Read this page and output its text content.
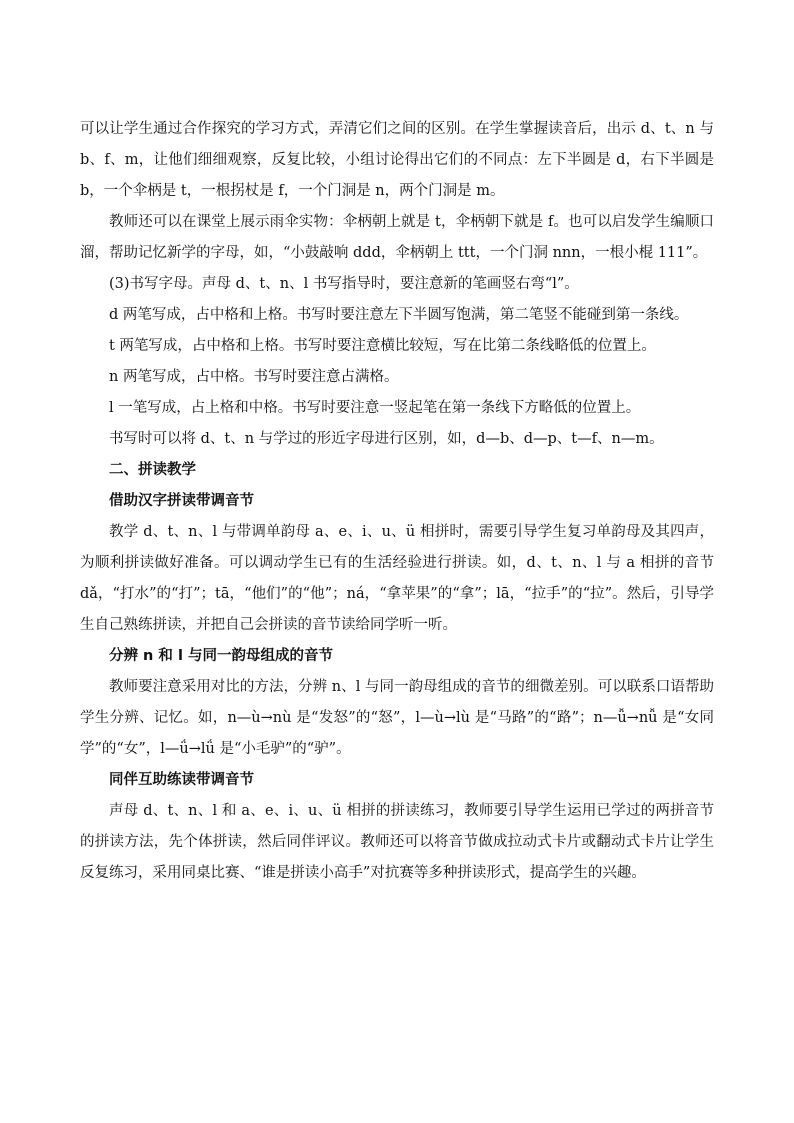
可以让学生通过合作探究的学习方式，弄清它们之间的区别。在学生掌握读音后，出示 d、t、n 与 b、f、m，让他们细细观察，反复比较，小组讨论得出它们的不同点：左下半圆是 d，右下半圆是 b，一个伞柄是 t，一根拐杖是 f，一个门洞是 n，两个门洞是 m。

教师还可以在课堂上展示雨伞实物：伞柄朝上就是 t，伞柄朝下就是 f。也可以启发学生编顺口溜，帮助记忆新学的字母，如，“小鼓敲响 ddd，伞柄朝上 ttt，一个门洞 nnn，一根小棍 111”。

(3)书写字母。声母 d、t、n、l 书写指导时，要注意新的笔画竖右弯“l”。

d 两笔写成，占中格和上格。书写时要注意左下半圆写饱满，第二笔竖不能碰到第一条线。

t 两笔写成，占中格和上格。书写时要注意横比较短，写在比第二条线略低的位置上。

n 两笔写成，占中格。书写时要注意占满格。

l 一笔写成，占上格和中格。书写时要注意一竖起笔在第一条线下方略低的位置上。

书写时可以将 d、t、n 与学过的形近字母进行区别，如，d—b、d—p、t—f、n—m。

二、拼读教学

借助汉字拼读带调音节

教学 d、t、n、l 与带调单韵母 a、e、i、u、ü 相拼时，需要引导学生复习单韵母及其四声，为顺利拼读做好准备。可以调动学生已有的生活经验进行拼读。如，d、t、n、l 与 a 相拼的音节 dǎ，“打水”的“打”；tā，“他们”的“他”；ná，“拿苹果”的“拿”；lā，“拉手”的“拉”。然后，引导学生自己熟练拼读，并把自己会拼读的音节读给同学听一听。

分辨 n 和 l 与同一韵母组成的音节

教师要注意采用对比的方法，分辨 n、l 与同一韵母组成的音节的细微差别。可以联系口语帮助学生分辨、记忆。如，n—ù→nù 是“发怒”的“怒”，l—ù→lù 是“马路”的“路”；n—ǚ→nǚ 是“女同学”的“女”，l—ǘ→lǘ 是“小毛驴”的“驴”。

同伴互助练读带调音节

声母 d、t、n、l 和 a、e、i、u、ü 相拼的拼读练习，教师要引导学生运用已学过的两拼音节的拼读方法，先个体拼读，然后同伴评议。教师还可以将音节做成拉动式卡片或翻动式卡片让学生反复练习，采用同桌比赛、“谁是拼读小高手”对抗赛等多种拼读形式，提高学生的兴趣。
